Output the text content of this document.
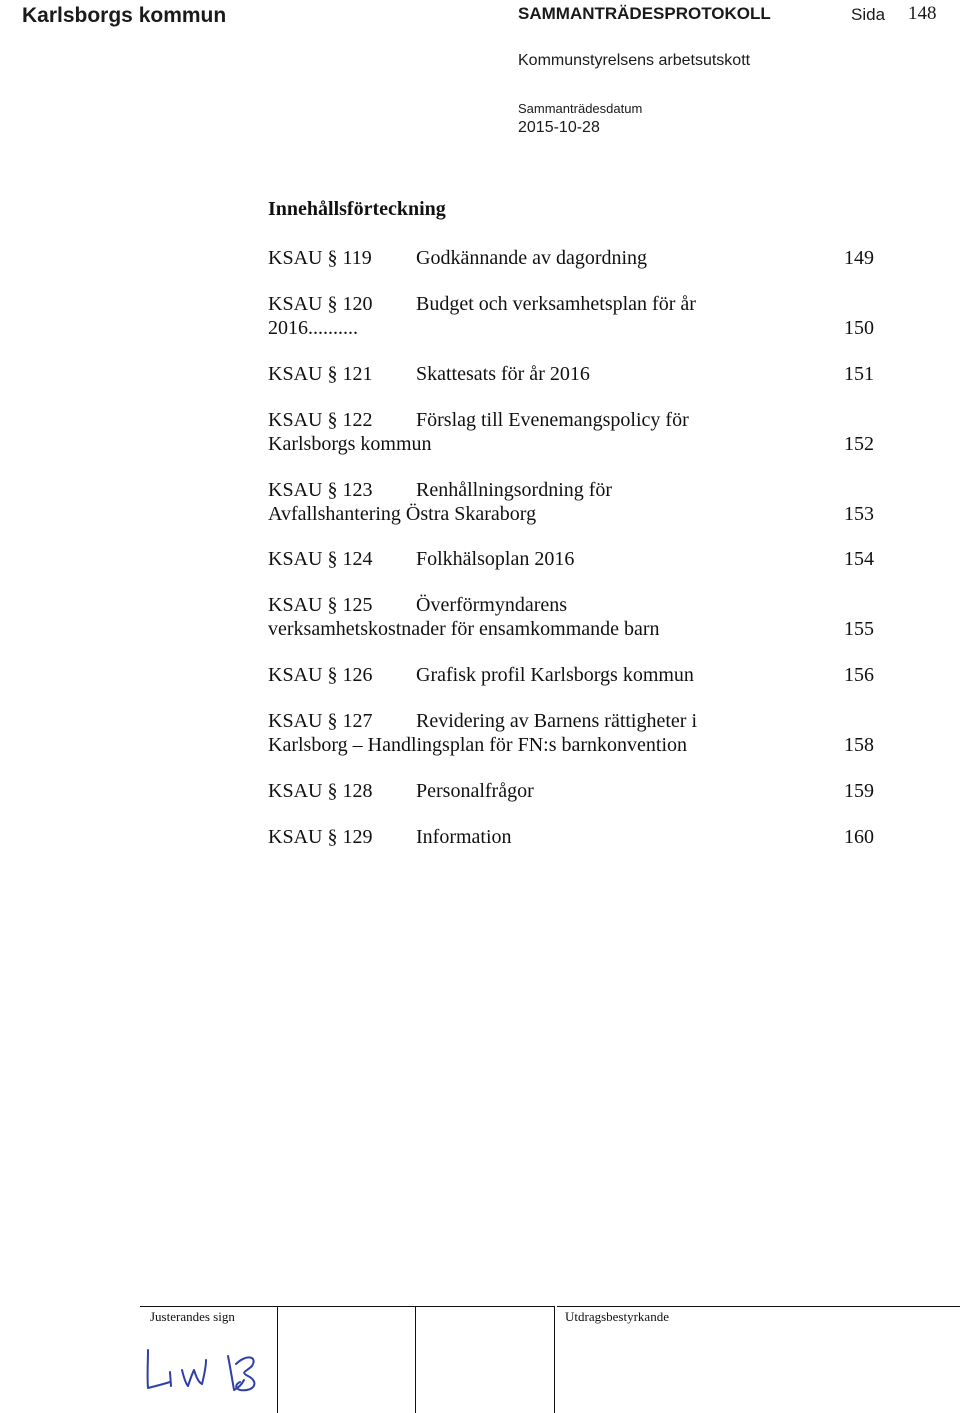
Karlsborgs kommun	SAMMANTRÄDESPROTOKOLL	Sida 148
Kommunstyrelsens arbetsutskott
Sammanträdesdatum
2015-10-28
Innehållsförteckning
KSAU § 119 Godkännande av dagordning	149
KSAU § 120 Budget och verksamhetsplan för år
2016..........	150
KSAU § 121 Skattesats för år 2016	151
KSAU § 122 Förslag till Evenemangspolicy för
Karlsborgs kommun	152
KSAU § 123 Renhållningsordning för
Avfallshantering Östra Skaraborg	153
KSAU § 124 Folkhälsoplan 2016	154
KSAU § 125 Överförmyndarens
verksamhetskostnader för ensamkommande barn	155
KSAU § 126 Grafisk profil Karlsborgs kommun	156
KSAU § 127 Revidering av Barnens rättigheter i
Karlsborg – Handlingsplan för FN:s barnkonvention	158
KSAU § 128 Personalfrågor	159
KSAU § 129 Information	160
Justerandes sign	Utdragsbestyrkande
